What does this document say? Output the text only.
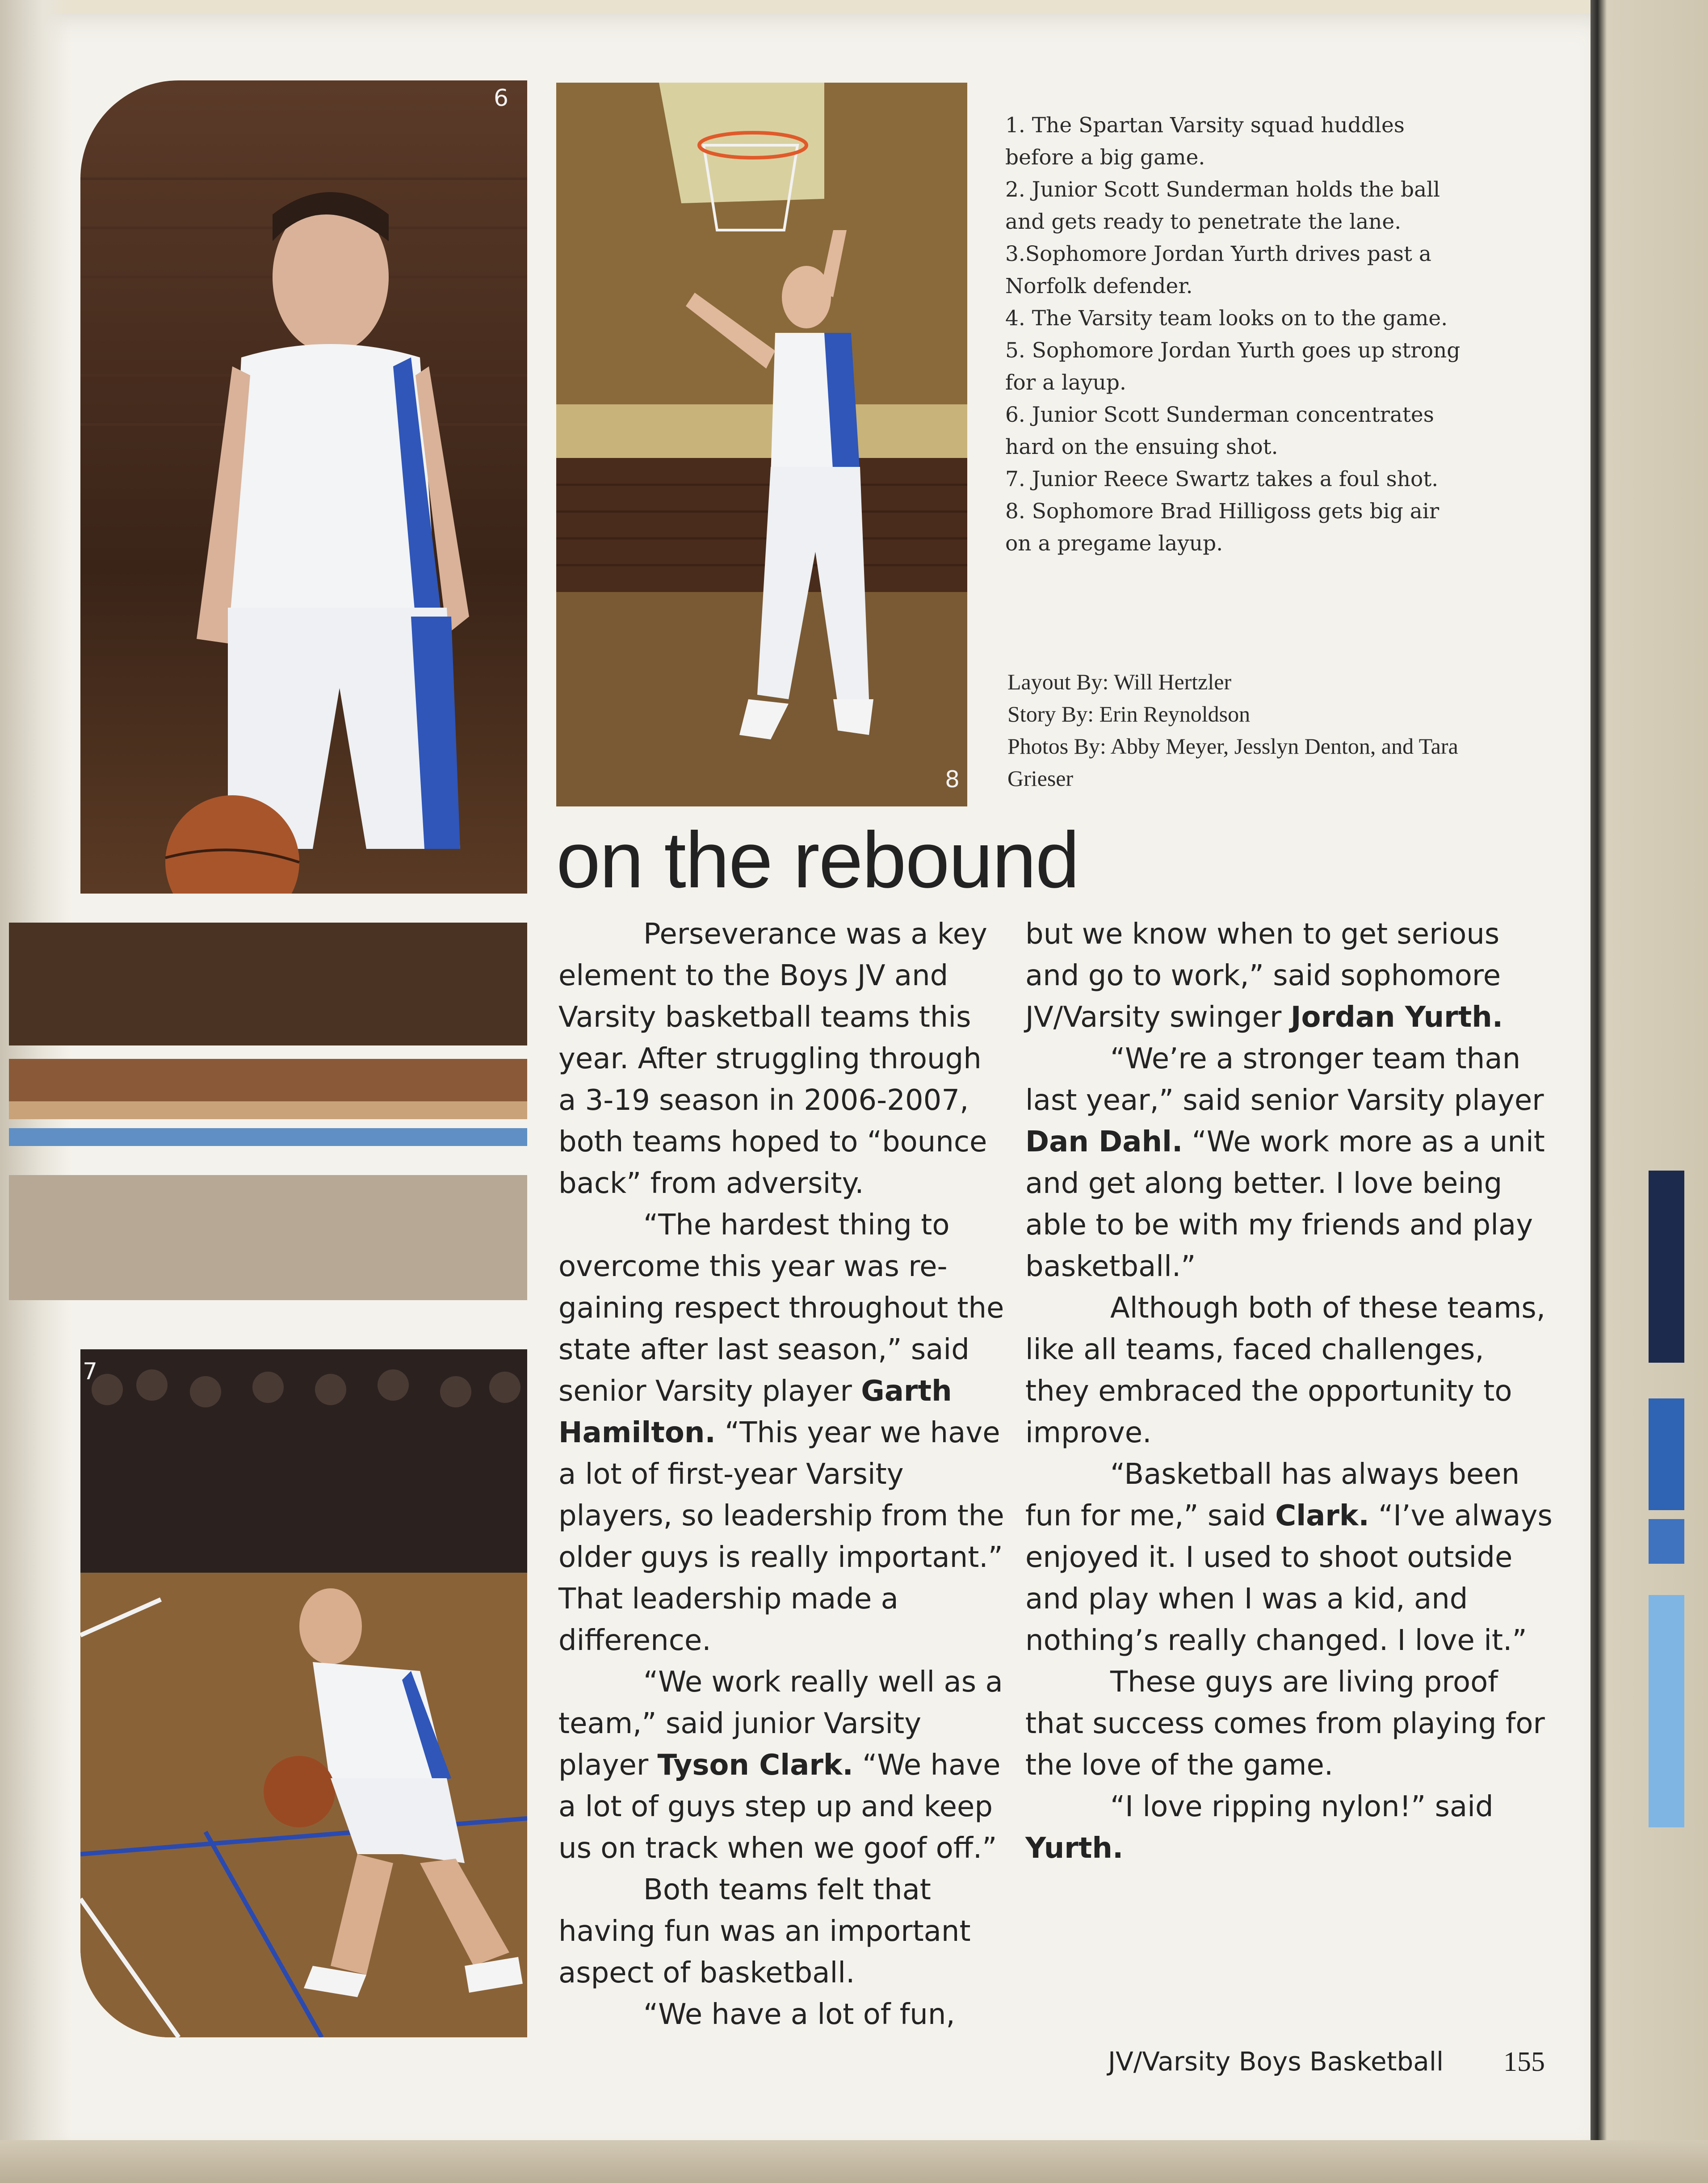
6
8
7

1. The Spartan Varsity squad huddles before a big game.

2. Junior Scott Sunderman holds the ball and gets ready to penetrate the lane.

3.Sophomore Jordan Yurth drives past a Norfolk defender.

4. The Varsity team looks on to the game.

5. Sophomore Jordan Yurth goes up strong for a layup.

6. Junior Scott Sunderman concentrates hard on the ensuing shot.

7. Junior Reece Swartz takes a foul shot.

8. Sophomore Brad Hilligoss gets big air on a pregame layup.

Layout By: Will Hertzler

Story By: Erin Reynoldson

Photos By: Abby Meyer, Jesslyn Denton, and Tara Grieser

on the rebound

Perseverance was a key element to the Boys JV and Varsity basketball teams this year. After struggling through a 3-19 season in 2006-2007, both teams hoped to “bounce back” from adversity.

“The hardest thing to overcome this year was re-gaining respect throughout the state after last season,” said senior Varsity player Garth Hamilton. “This year we have a lot of first-year Varsity players, so leadership from the older guys is really important.” That leadership made a difference.

“We work really well as a team,” said junior Varsity player Tyson Clark. “We have a lot of guys step up and keep us on track when we goof off.”

Both teams felt that having fun was an important aspect of basketball.

“We have a lot of fun,

but we know when to get serious and go to work,” said sophomore JV/Varsity swinger Jordan Yurth.

“We’re a stronger team than last year,” said senior Varsity player Dan Dahl. “We work more as a unit and get along better. I love being able to be with my friends and play basketball.”

Although both of these teams, like all teams, faced challenges, they embraced the opportunity to improve.

“Basketball has always been fun for me,” said Clark. “I’ve always enjoyed it. I used to shoot outside and play when I was a kid, and nothing’s really changed. I love it.”

These guys are living proof that success comes from playing for the love of the game.

“I love ripping nylon!” said Yurth.

JV/Varsity Boys Basketball 155
